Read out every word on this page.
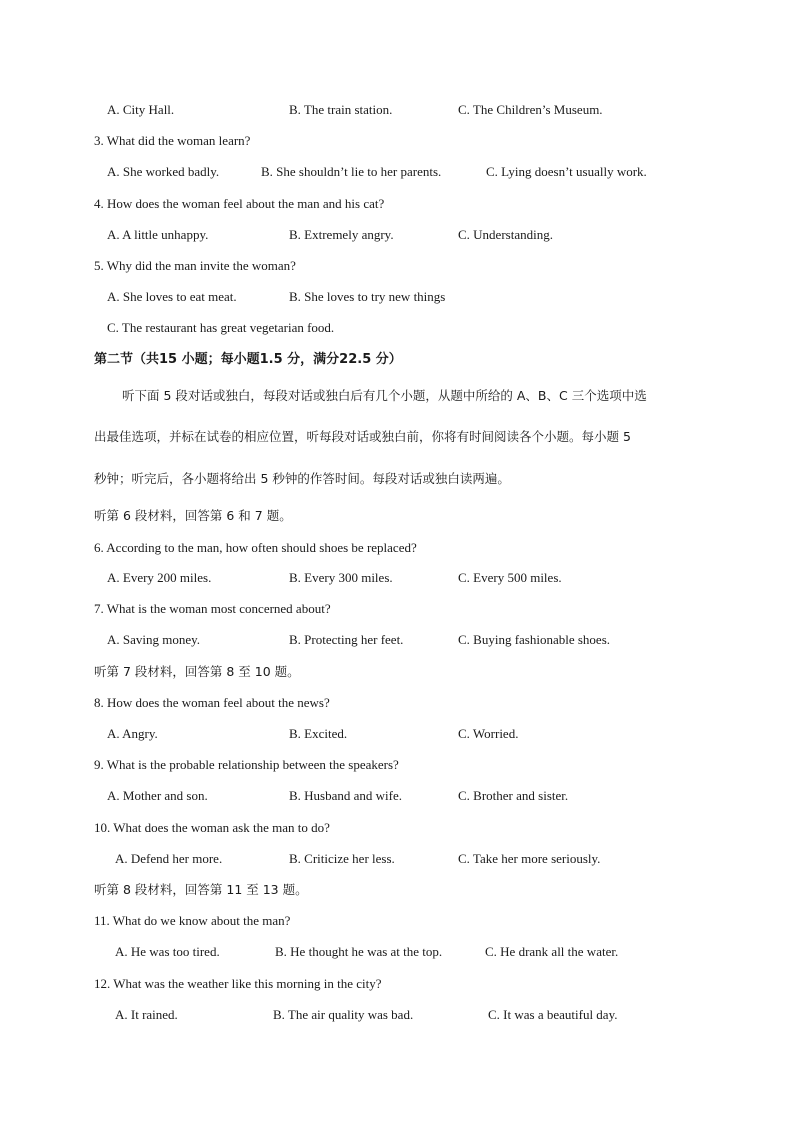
A. City Hall.	B. The train station.	C. The Children’s Museum.
3. What did the woman learn?
A. She worked badly.	B. She shouldn’t lie to her parents.	C. Lying doesn’t usually work.
4. How does the woman feel about the man and his cat?
A. A little unhappy.	B. Extremely angry.	C. Understanding.
5. Why did the man invite the woman?
A. She loves to eat meat.	B. She loves to try new things
C. The restaurant has great vegetarian food.
第二节（共15 小题；每小题1.5 分，满分22.5 分）
听下面 5 段对话或独白，每段对话或独白后有几个小题，从题中所给的 A、B、C 三个选项中选
出最佳选项，并标在试卷的相应位置，听每段对话或独白前，你将有时间阅读各个小题。每小题 5
秒钟；听完后，各小题将给出 5 秒钟的作答时间。每段对话或独白读两遍。
听第 6 段材料，回答第 6 和 7 题。
6. According to the man, how often should shoes be replaced?
A. Every 200 miles.	B. Every 300 miles.	C. Every 500 miles.
7. What is the woman most concerned about?
A. Saving money.	B. Protecting her feet.	C. Buying fashionable shoes.
听第 7 段材料，回答第 8 至 10 题。
8. How does the woman feel about the news?
A. Angry.	B. Excited.	C. Worried.
9. What is the probable relationship between the speakers?
A. Mother and son.	B. Husband and wife.	C. Brother and sister.
10. What does the woman ask the man to do?
A. Defend her more.	B. Criticize her less.	C. Take her more seriously.
听第 8 段材料，回答第 11 至 13 题。
11. What do we know about the man?
A. He was too tired.	B. He thought he was at the top.	C. He drank all the water.
12. What was the weather like this morning in the city?
A. It rained.	B. The air quality was bad.	C. It was a beautiful day.
